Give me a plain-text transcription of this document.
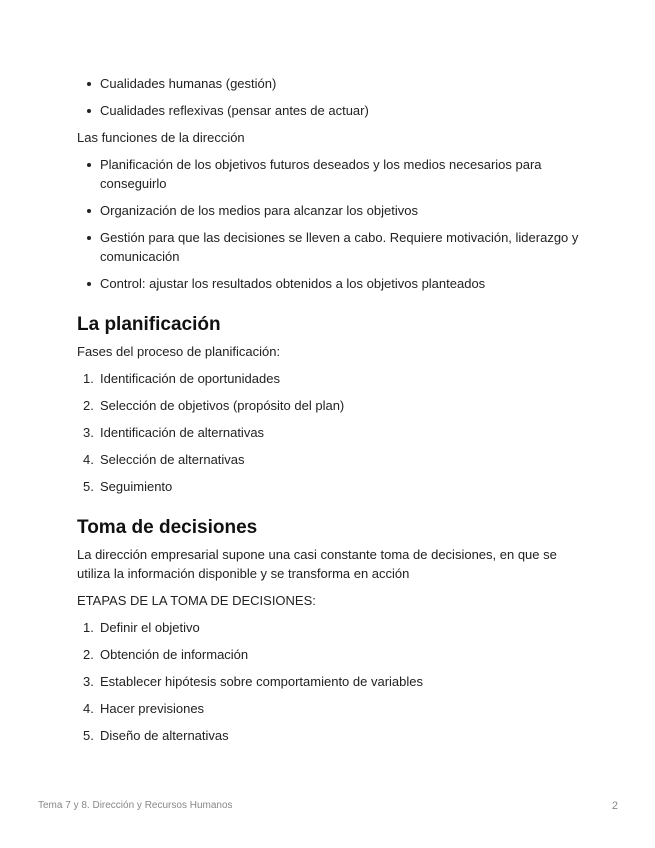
Cualidades humanas (gestión)
Cualidades reflexivas (pensar antes de actuar)

Las funciones de la dirección

Planificación de los objetivos futuros deseados y los medios necesarios para conseguirlo
Organización de los medios para alcanzar los objetivos
Gestión para que las decisiones se lleven a cabo. Requiere motivación, liderazgo y comunicación
Control: ajustar los resultados obtenidos a los objetivos planteados
La planificación

Fases del proceso de planificación:

1. Identificación de oportunidades
2. Selección de objetivos (propósito del plan)
3. Identificación de alternativas
4. Selección de alternativas
5. Seguimiento
Toma de decisiones

La dirección empresarial supone una casi constante toma de decisiones, en que se utiliza la información disponible y se transforma en acción

ETAPAS DE LA TOMA DE DECISIONES:

1. Definir el objetivo
2. Obtención de información
3. Establecer hipótesis sobre comportamiento de variables
4. Hacer previsiones
5. Diseño de alternativas
Tema 7 y 8. Dirección y Recursos Humanos	2
